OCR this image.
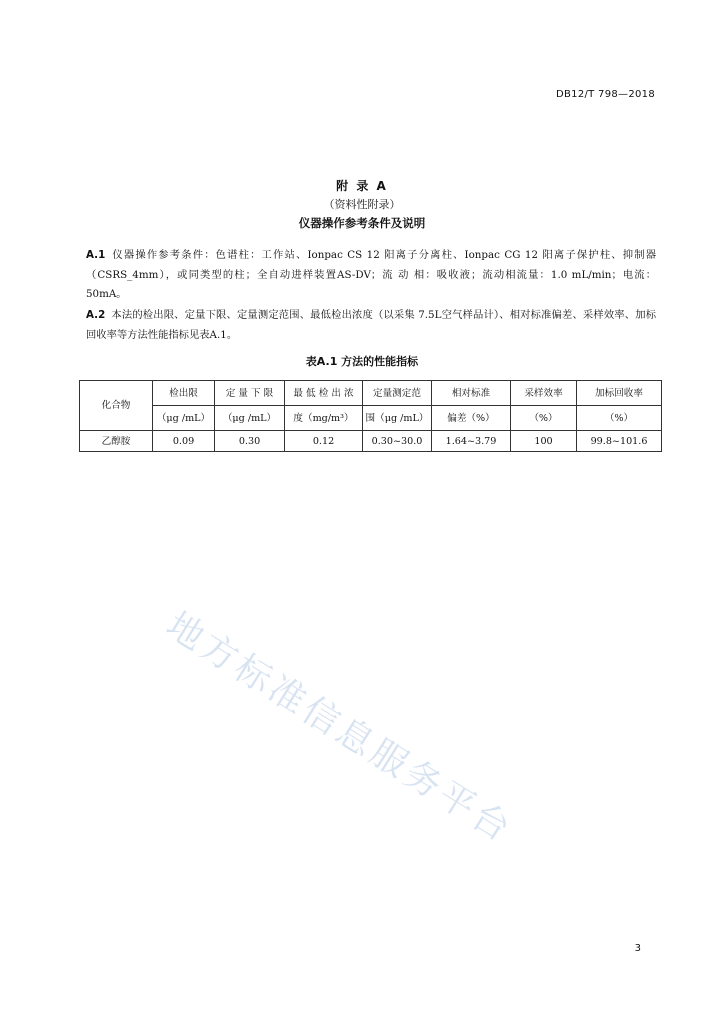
DB12/T 798—2018
附 录 A
（资料性附录）
仪器操作参考条件及说明
A.1 仪器操作参考条件：色谱柱：工作站、Ionpac CS 12 阳离子分离柱、Ionpac CG 12 阳离子保护柱、抑制器（CSRS_4mm），或同类型的柱；全自动进样装置AS-DV；流 动 相：吸收液；流动相流量：1.0 mL/min；电流： 50mA。
A.2 本法的检出限、定量下限、定量测定范围、最低检出浓度（以采集 7.5L空气样品计）、相对标准偏差、采样效率、加标回收率等方法性能指标见表A.1。
表A.1 方法的性能指标
化合物	检出限	定 量 下 限	最 低 检 出 浓	定量测定范	相对标准	采样效率	加标回收率
	（μg /mL）	（μg /mL）	度（mg/m³）	围（μg /mL）	偏差（%）	（%）	（%）
乙醇胺	0.09	0.30	0.12	0.30~30.0	1.64~3.79	100	99.8~101.6
地方标准信息服务平台
3
